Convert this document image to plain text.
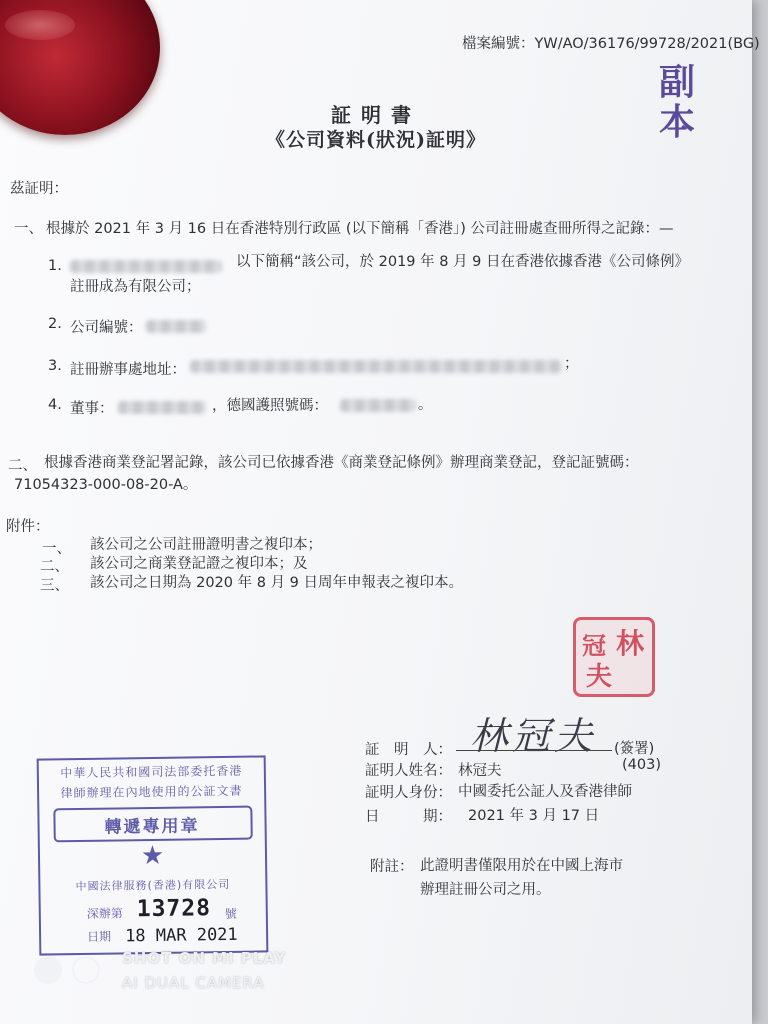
檔案編號：YW/AO/36176/99728/2021(BG)
副
本
証明書
《公司資料(狀況)証明》
茲証明：
一、 根據於 2021 年 3 月 16 日在香港特別行政區 (以下簡稱「香港」) 公司註冊處查冊所得之記錄：—
1.	以下簡稱“該公司，於 2019 年 8 月 9 日在香港依據香港《公司條例》
註冊成為有限公司；
2. 公司編號：
3. 註冊辦事處地址：	；
4. 董事：	，德國護照號碼：	。
二、 根據香港商業登記署記錄，該公司已依據香港《商業登記條例》辦理商業登記，登記証號碼：
71054323-000-08-20-A。
附件：
一、 該公司之公司註冊證明書之複印本；
二、 該公司之商業登記證之複印本；及
三、 該公司之日期為 2020 年 8 月 9 日周年申報表之複印本。
林
冠
夫
林冠夫
証　明　人：	(簽署)
証明人姓名： 林冠夫	(403)
証明人身份： 中國委托公証人及香港律師
日　　　期： 2021 年 3 月 17 日
附註： 此證明書僅限用於在中國上海市
辦理註冊公司之用。
中華人民共和國司法部委托香港
律師辦理在內地使用的公証文書
轉遞專用章
★
中國法律服務(香港)有限公司
深辦第 13728 號
日期 18 MAR 2021
SHOT ON MI PLAY
AI DUAL CAMERA
